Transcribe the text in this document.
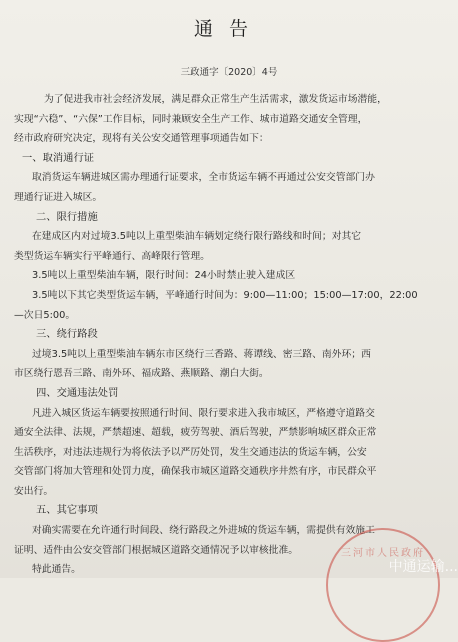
通告
三政通字〔2020〕4号
为了促进我市社会经济发展，满足群众正常生产生活需求，激发货运市场潜能，
实现“六稳”、“六保”工作目标，同时兼顾安全生产工作、城市道路交通安全管理，
经市政府研究决定，现将有关公安交通管理事项通告如下：
一、取消通行证
取消货运车辆进城区需办理通行证要求，全市货运车辆不再通过公安交管部门办
理通行证进入城区。
二、限行措施
在建成区内对过境3.5吨以上重型柴油车辆划定绕行限行路线和时间；对其它
类型货运车辆实行平峰通行、高峰限行管理。
3.5吨以上重型柴油车辆，限行时间：24小时禁止驶入建成区
3.5吨以下其它类型货运车辆，平峰通行时间为：9:00—11:00；15:00—17:00，22:00
—次日5:00。
三、绕行路段
过境3.5吨以上重型柴油车辆东市区绕行三香路、蒋谭线、密三路、南外环；西
市区绕行恩吾三路、南外环、福成路、燕顺路、潮白大街。
四、交通违法处罚
凡进入城区货运车辆要按照通行时间、限行要求进入我市城区，严格遵守道路交
通安全法律、法规，严禁超速、超载，疲劳驾驶、酒后驾驶，严禁影响城区群众正常
生活秩序，对违法违规行为将依法予以严厉处罚，发生交通违法的货运车辆，公安
交管部门将加大管理和处罚力度，确保我市城区道路交通秩序井然有序，市民群众平
安出行。
五、其它事项
对确实需要在允许通行时间段、绕行路段之外进城的货运车辆，需提供有效施工
证明、适件由公安交管部门根据城区道路交通情况予以审核批准。
特此通告。
三河市人民政府
中通运输...
